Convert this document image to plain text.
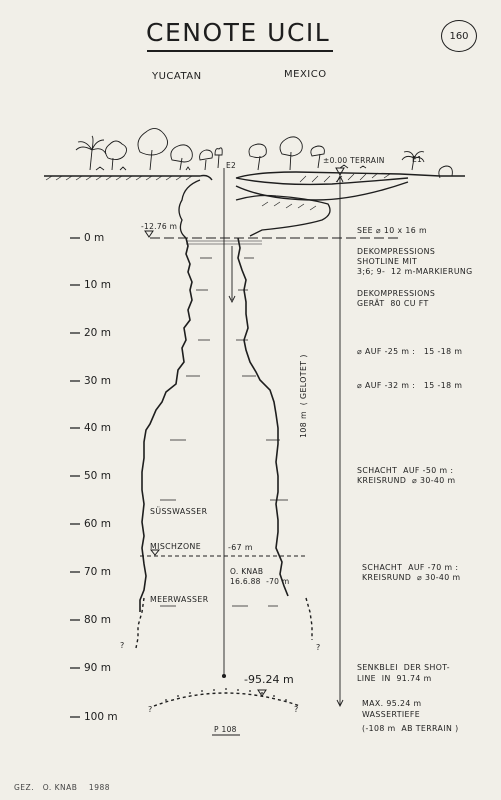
CENOTE UCIL	160
YUCATAN	MEXICO
?	?
?	?
E2
E1
±0.00 TERRAIN
-12.76 m
0 m
10 m
20 m
30 m
40 m
50 m
60 m
70 m
80 m
90 m
100 m
SEE ⌀ 10 x 16 m
DEKOMPRESSIONS
SHOTLINE MIT
3;6; 9-  12 m-MARKIERUNG
DEKOMPRESSIONS
GERÄT  80 CU FT
⌀ AUF -25 m :   15 -18 m
⌀ AUF -32 m :   15 -18 m
SCHACHT  AUF -50 m :
KREISRUND  ⌀ 30-40 m
SCHACHT  AUF -70 m :
KREISRUND  ⌀ 30-40 m
SENKBLEI  DER SHOT-
LINE  IN  91.74 m
MAX. 95.24 m
WASSERTIEFE
(-108 m  AB TERRAIN )
108 m  ( GELOTET )
SÜSSWASSER
MISCHZONE	-67 m
MEERWASSER
O. KNAB
16.6.88  -70 m
-95.24 m
P 108
GEZ.   O. KNAB    1988
